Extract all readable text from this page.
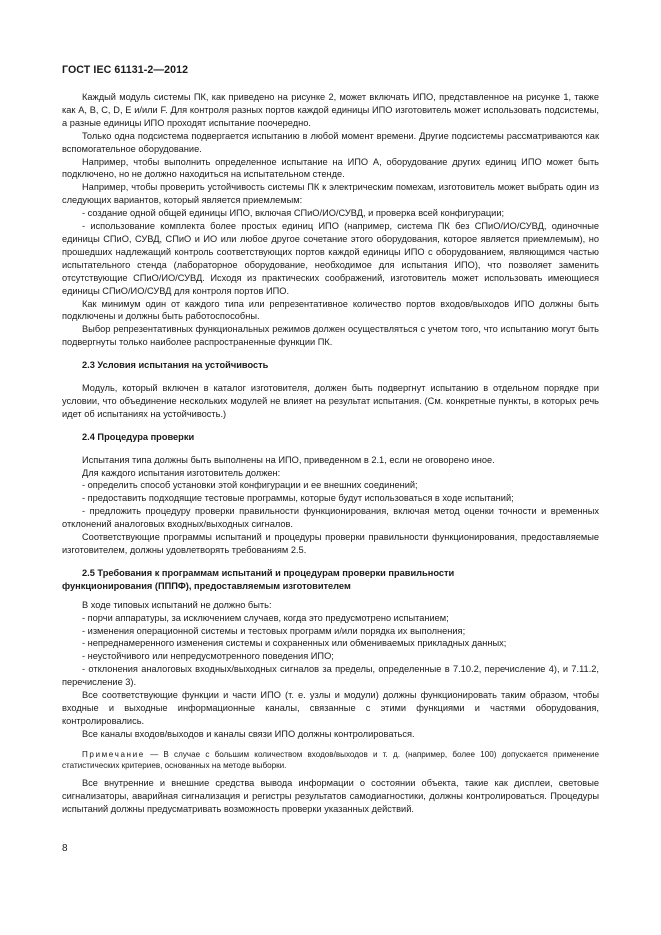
ГОСТ IEC 61131-2—2012

Каждый модуль системы ПК, как приведено на рисунке 2, может включать ИПО, представленное на рисунке 1, также как А, В, С, D, Е и/или F. Для контроля разных портов каждой единицы ИПО изготовитель может использовать подсистемы, а разные единицы ИПО проходят испытание поочередно.

Только одна подсистема подвергается испытанию в любой момент времени. Другие подсистемы рассматриваются как вспомогательное оборудование.

Например, чтобы выполнить определенное испытание на ИПО А, оборудование других единиц ИПО может быть подключено, но не должно находиться на испытательном стенде.

Например, чтобы проверить устойчивость системы ПК к электрическим помехам, изготовитель может выбрать один из следующих вариантов, который является приемлемым:

- создание одной общей единицы ИПО, включая СПиО/ИО/СУВД, и проверка всей конфигурации;

- использование комплекта более простых единиц ИПО (например, система ПК без СПиО/ИО/СУВД, одиночные единицы СПиО, СУВД, СПиО и ИО или любое другое сочетание этого оборудования, которое является приемлемым), но прошедших надлежащий контроль соответствующих портов каждой единицы ИПО с оборудованием, являющимся частью испытательного стенда (лабораторное оборудование, необходимое для испытания ИПО), что позволяет заменить отсутствующие СПиО/ИО/СУВД. Исходя из практических соображений, изготовитель может использовать имеющиеся единицы СПиО/ИО/СУВД для контроля портов ИПО.

Как минимум один от каждого типа или репрезентативное количество портов входов/выходов ИПО должны быть подключены и должны быть работоспособны.

Выбор репрезентативных функциональных режимов должен осуществляться с учетом того, что испытанию могут быть подвергнуты только наиболее распространенные функции ПК.

2.3 Условия испытания на устойчивость

Модуль, который включен в каталог изготовителя, должен быть подвергнут испытанию в отдельном порядке при условии, что объединение нескольких модулей не влияет на результат испытания. (См. конкретные пункты, в которых речь идет об испытаниях на устойчивость.)

2.4 Процедура проверки

Испытания типа должны быть выполнены на ИПО, приведенном в 2.1, если не оговорено иное.

Для каждого испытания изготовитель должен:

- определить способ установки этой конфигурации и ее внешних соединений;

- предоставить подходящие тестовые программы, которые будут использоваться в ходе испытаний;

- предложить процедуру проверки правильности функционирования, включая метод оценки точности и временных отклонений аналоговых входных/выходных сигналов.

Соответствующие программы испытаний и процедуры проверки правильности функционирования, предоставляемые изготовителем, должны удовлетворять требованиям 2.5.

2.5 Требования к программам испытаний и процедурам проверки правильности
функционирования (ПППФ), предоставляемым изготовителем

В ходе типовых испытаний не должно быть:

- порчи аппаратуры, за исключением случаев, когда это предусмотрено испытанием;

- изменения операционной системы и тестовых программ и/или порядка их выполнения;

- непреднамеренного изменения системы и сохраненных или обмениваемых прикладных данных;

- неустойчивого или непредусмотренного поведения ИПО;

- отклонения аналоговых входных/выходных сигналов за пределы, определенные в 7.10.2, перечисление 4), и 7.11.2, перечисление 3).

Все соответствующие функции и части ИПО (т. е. узлы и модули) должны функционировать таким образом, чтобы входные и выходные информационные каналы, связанные с этими функциями и частями оборудования, контролировались.

Все каналы входов/выходов и каналы связи ИПО должны контролироваться.

Примечание — В случае с большим количеством входов/выходов и т. д. (например, более 100) допускается применение статистических критериев, основанных на методе выборки.

Все внутренние и внешние средства вывода информации о состоянии объекта, такие как дисплеи, световые сигнализаторы, аварийная сигнализация и регистры результатов самодиагностики, должны контролироваться. Процедуры испытаний должны предусматривать возможность проверки указанных действий.

8
